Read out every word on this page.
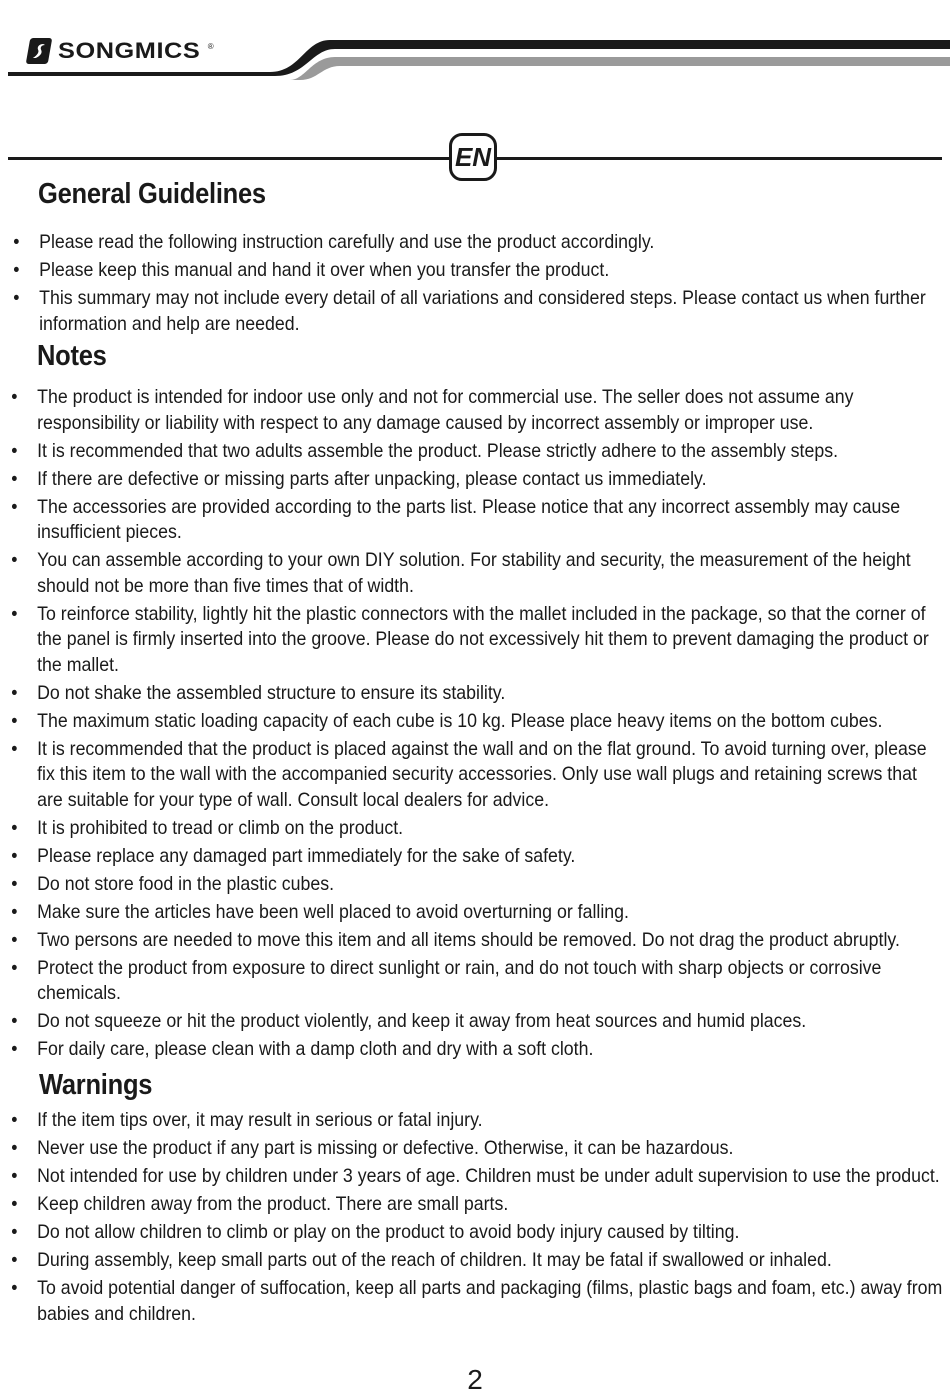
SONGMICS ®
EN
General Guidelines
• Please read the following instruction carefully and use the product accordingly.
• Please keep this manual and hand it over when you transfer the product.
• This summary may not include every detail of all variations and considered steps. Please contact us when further information and help are needed.
Notes
• The product is intended for indoor use only and not for commercial use. The seller does not assume any responsibility or liability with respect to any damage caused by incorrect assembly or improper use.
• It is recommended that two adults assemble the product. Please strictly adhere to the assembly steps.
• If there are defective or missing parts after unpacking, please contact us immediately.
• The accessories are provided according to the parts list. Please notice that any incorrect assembly may cause insufficient pieces.
• You can assemble according to your own DIY solution. For stability and security, the measurement of the height should not be more than five times that of width.
• To reinforce stability, lightly hit the plastic connectors with the mallet included in the package, so that the corner of the panel is firmly inserted into the groove. Please do not excessively hit them to prevent damaging the product or the mallet.
• Do not shake the assembled structure to ensure its stability.
• The maximum static loading capacity of each cube is 10 kg. Please place heavy items on the bottom cubes.
• It is recommended that the product is placed against the wall and on the flat ground. To avoid turning over, please fix this item to the wall with the accompanied security accessories. Only use wall plugs and retaining screws that are suitable for your type of wall. Consult local dealers for advice.
• It is prohibited to tread or climb on the product.
• Please replace any damaged part immediately for the sake of safety.
• Do not store food in the plastic cubes.
• Make sure the articles have been well placed to avoid overturning or falling.
• Two persons are needed to move this item and all items should be removed. Do not drag the product abruptly.
• Protect the product from exposure to direct sunlight or rain, and do not touch with sharp objects or corrosive chemicals.
• Do not squeeze or hit the product violently, and keep it away from heat sources and humid places.
• For daily care, please clean with a damp cloth and dry with a soft cloth.
Warnings
• If the item tips over, it may result in serious or fatal injury.
• Never use the product if any part is missing or defective. Otherwise, it can be hazardous.
• Not intended for use by children under 3 years of age. Children must be under adult supervision to use the product.
• Keep children away from the product. There are small parts.
• Do not allow children to climb or play on the product to avoid body injury caused by tilting.
• During assembly, keep small parts out of the reach of children. It may be fatal if swallowed or inhaled.
• To avoid potential danger of suffocation, keep all parts and packaging (films, plastic bags and foam, etc.) away from babies and children.
2
